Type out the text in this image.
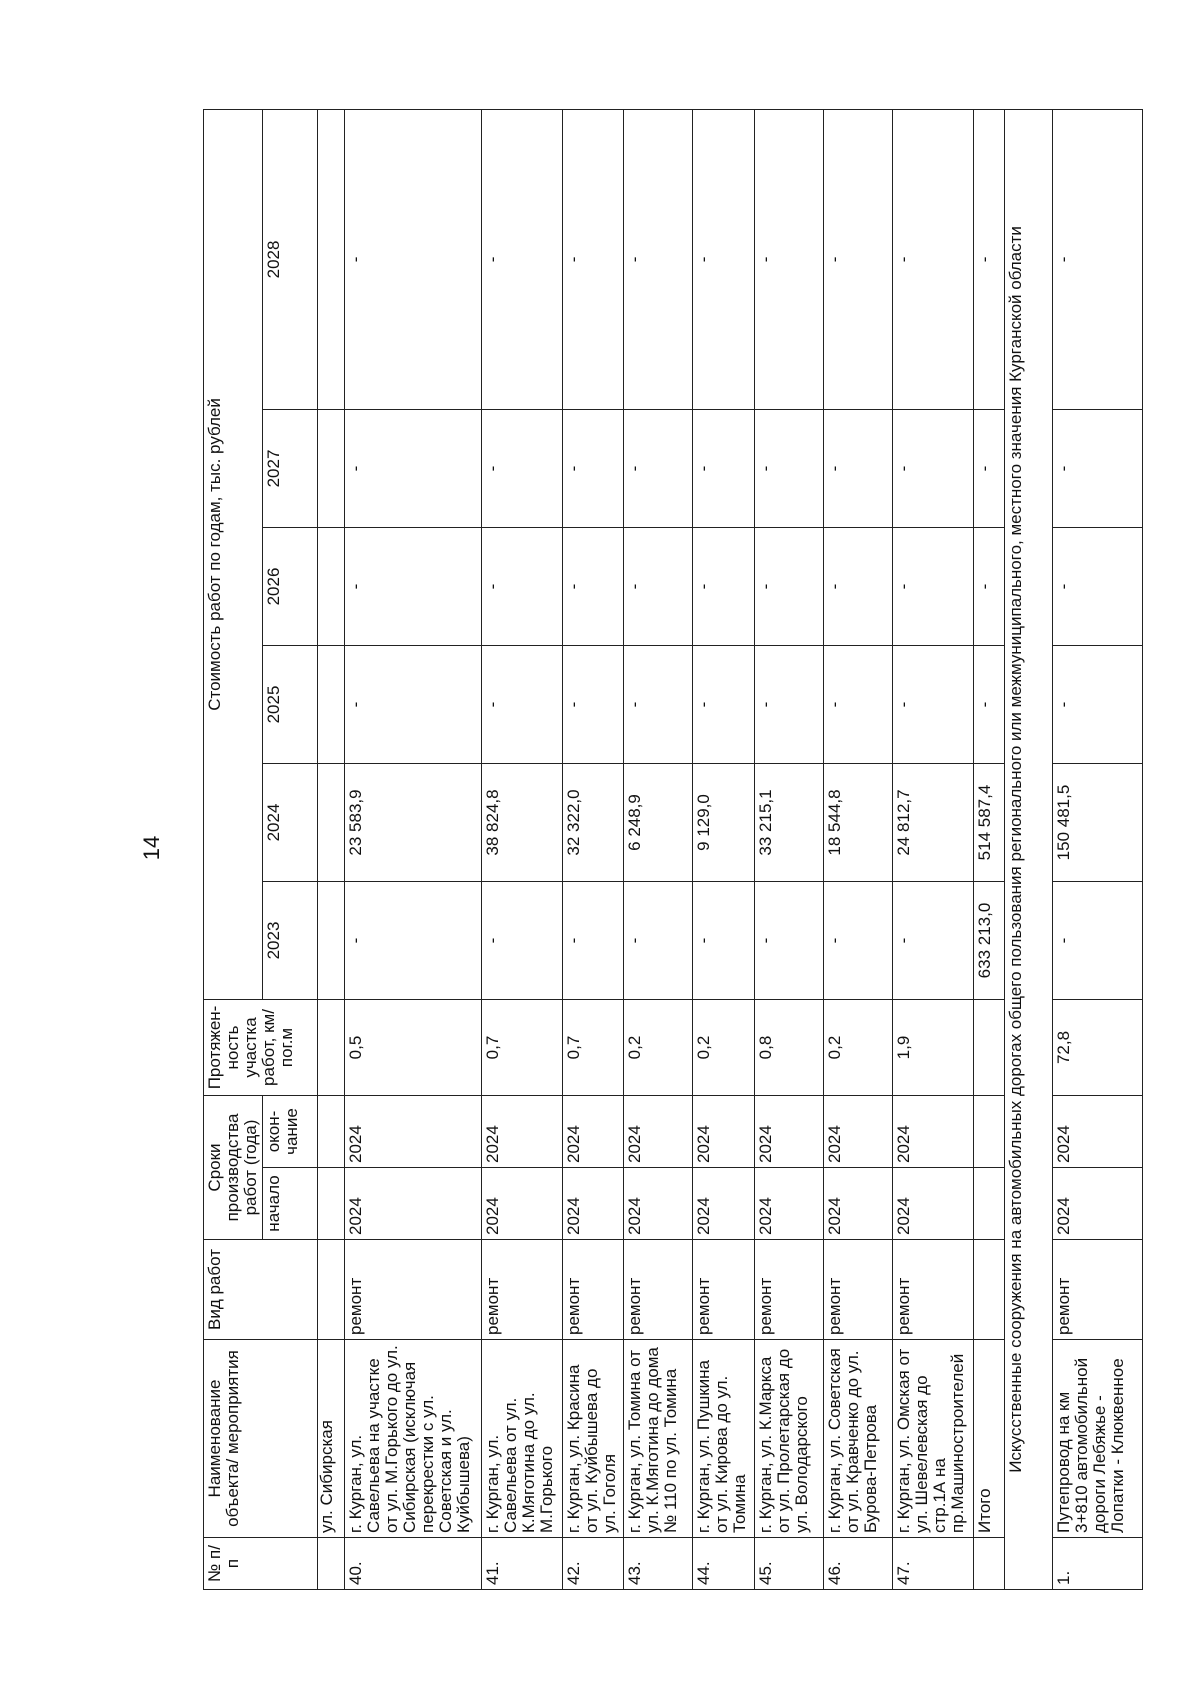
14
№ п/п	Наименование объекта/ мероприятия	Вид работ	Сроки производства работ (года)		Протяжен-ность участка работ, км/ пог.м	Стоимость работ по годам, тыс. рублей					
			начало	окон-чание		2023	2024	2025	2026	2027	2028

	ул. Сибирская										
40.	г. Курган, ул. Савельева на участке от ул. М.Горького до ул. Сибирская (исключая перекрестки с ул. Советская и ул. Куйбышева)	ремонт	2024	2024	0,5	-	23 583,9	-	-	-	-
41.	г. Курган, ул. Савельева от ул. К.Мяготина до ул. М.Горького	ремонт	2024	2024	0,7	-	38 824,8	-	-	-	-
42.	г. Курган, ул. Красина от ул. Куйбышева до ул. Гоголя	ремонт	2024	2024	0,7	-	32 322,0	-	-	-	-
43.	г. Курган, ул. Томина от ул. К.Мяготина до дома № 110 по ул. Томина	ремонт	2024	2024	0,2	-	6 248,9	-	-	-	-
44.	г. Курган, ул. Пушкина от ул. Кирова до ул. Томина	ремонт	2024	2024	0,2	-	9 129,0	-	-	-	-
45.	г. Курган, ул. К.Маркса от ул. Пролетарская до ул. Володарского	ремонт	2024	2024	0,8	-	33 215,1	-	-	-	-
46.	г. Курган, ул. Советская от ул. Кравченко до ул. Бурова-Петрова	ремонт	2024	2024	0,2	-	18 544,8	-	-	-	-
47.	г. Курган, ул. Омская от ул. Шевелевская до стр.1А на пр.Машиностроителей	ремонт	2024	2024	1,9	-	24 812,7	-	-	-	-
	Итого					633 213,0	514 587,4	-	-	-	-
Искусственные сооружения на автомобильных дорогах общего пользования регионального или межмуниципального, местного значения Курганской области											
1.	Путепровод на км 3+810 автомобильной дороги Лебяжье - Лопатки - Клюквенное	ремонт	2024	2024	72,8	-	150 481,5	-	-	-	-
